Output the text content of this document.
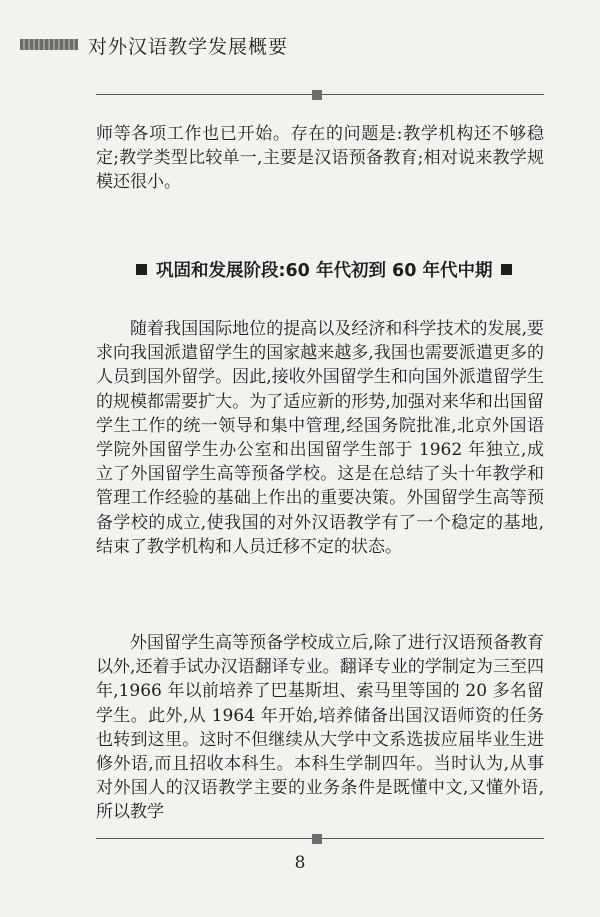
对外汉语教学发展概要

师等各项工作也已开始。存在的问题是:教学机构还不够稳定;教学类型比较单一,主要是汉语预备教育;相对说来教学规模还很小。

巩固和发展阶段:60 年代初到 60 年代中期

随着我国国际地位的提高以及经济和科学技术的发展,要求向我国派遣留学生的国家越来越多,我国也需要派遣更多的人员到国外留学。因此,接收外国留学生和向国外派遣留学生的规模都需要扩大。为了适应新的形势,加强对来华和出国留学生工作的统一领导和集中管理,经国务院批准,北京外国语学院外国留学生办公室和出国留学生部于 1962 年独立,成立了外国留学生高等预备学校。这是在总结了头十年教学和管理工作经验的基础上作出的重要决策。外国留学生高等预备学校的成立,使我国的对外汉语教学有了一个稳定的基地,结束了教学机构和人员迁移不定的状态。

外国留学生高等预备学校成立后,除了进行汉语预备教育以外,还着手试办汉语翻译专业。翻译专业的学制定为三至四年,1966 年以前培养了巴基斯坦、索马里等国的 20 多名留学生。此外,从 1964 年开始,培养储备出国汉语师资的任务也转到这里。这时不但继续从大学中文系选拔应届毕业生进修外语,而且招收本科生。本科生学制四年。当时认为,从事对外国人的汉语教学主要的业务条件是既懂中文,又懂外语,所以教学

8
